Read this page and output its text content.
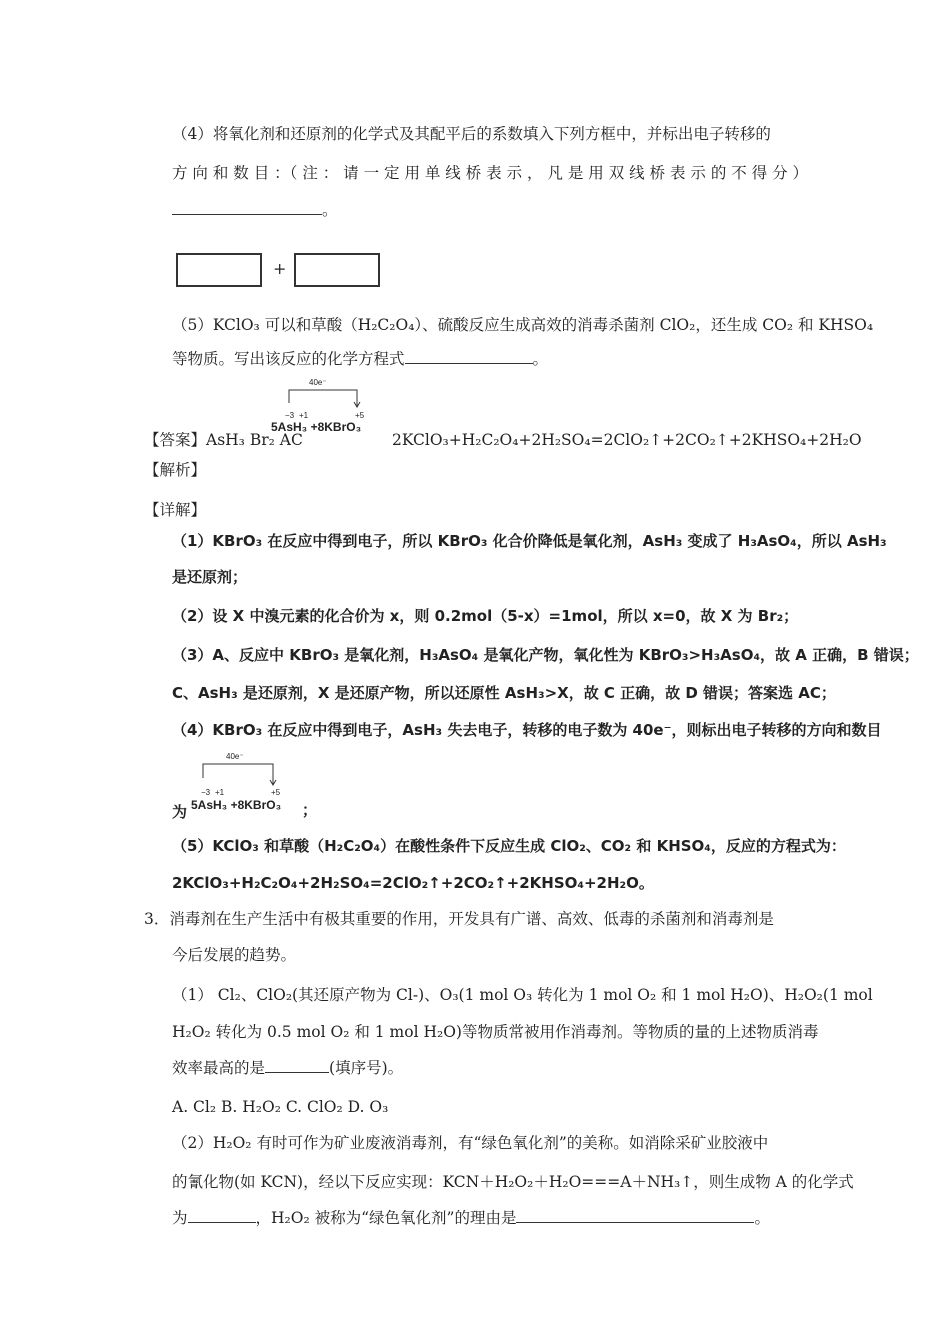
（4）将氧化剂和还原剂的化学式及其配平后的系数填入下列方框中，并标出电子转移的
方 向 和 数 目 ：（ 注 ： 请 一 定 用 单 线 桥 表 示 ， 凡 是 用 双 线 桥 表 示 的 不 得 分 ）
。
+
（5）KClO₃ 可以和草酸（H₂C₂O₄）、硫酸反应生成高效的消毒杀菌剂 ClO₂，还生成 CO₂ 和 KHSO₄
等物质。写出该反应的化学方程式	。
【答案】AsH₃ Br₂ AC
40e⁻
−3 +1	+5
5AsH₃ +8KBrO₃
2KClO₃+H₂C₂O₄+2H₂SO₄=2ClO₂↑+2CO₂↑+2KHSO₄+2H₂O
【解析】
【详解】
（1）KBrO₃ 在反应中得到电子，所以 KBrO₃ 化合价降低是氧化剂，AsH₃ 变成了 H₃AsO₄，所以 AsH₃
是还原剂；
（2）设 X 中溴元素的化合价为 x，则 0.2mol（5-x）=1mol，所以 x=0，故 X 为 Br₂；
（3）A、反应中 KBrO₃ 是氧化剂，H₃AsO₄ 是氧化产物，氧化性为 KBrO₃>H₃AsO₄，故 A 正确，B 错误；
C、AsH₃ 是还原剂，X 是还原产物，所以还原性 AsH₃>X，故 C 正确，故 D 错误；答案选 AC；
（4）KBrO₃ 在反应中得到电子，AsH₃ 失去电子，转移的电子数为 40e⁻，则标出电子转移的方向和数目
为
40e⁻
−3 +1	+5
5AsH₃ +8KBrO₃ ；
（5）KClO₃ 和草酸（H₂C₂O₄）在酸性条件下反应生成 ClO₂、CO₂ 和 KHSO₄，反应的方程式为：
2KClO₃+H₂C₂O₄+2H₂SO₄=2ClO₂↑+2CO₂↑+2KHSO₄+2H₂O。
3．消毒剂在生产生活中有极其重要的作用，开发具有广谱、高效、低毒的杀菌剂和消毒剂是
今后发展的趋势。
（1） Cl₂、ClO₂(其还原产物为 Cl-)、O₃(1 mol O₃ 转化为 1 mol O₂ 和 1 mol H₂O)、H₂O₂(1 mol
H₂O₂ 转化为 0.5 mol O₂ 和 1 mol H₂O)等物质常被用作消毒剂。等物质的量的上述物质消毒
效率最高的是	(填序号)。
A. Cl₂ B. H₂O₂ C. ClO₂ D. O₃
（2）H₂O₂ 有时可作为矿业废液消毒剂，有“绿色氧化剂”的美称。如消除采矿业胶液中
的氰化物(如 KCN)，经以下反应实现：KCN＋H₂O₂＋H₂O===A＋NH₃↑，则生成物 A 的化学式
为	，H₂O₂ 被称为“绿色氧化剂”的理由是	。
